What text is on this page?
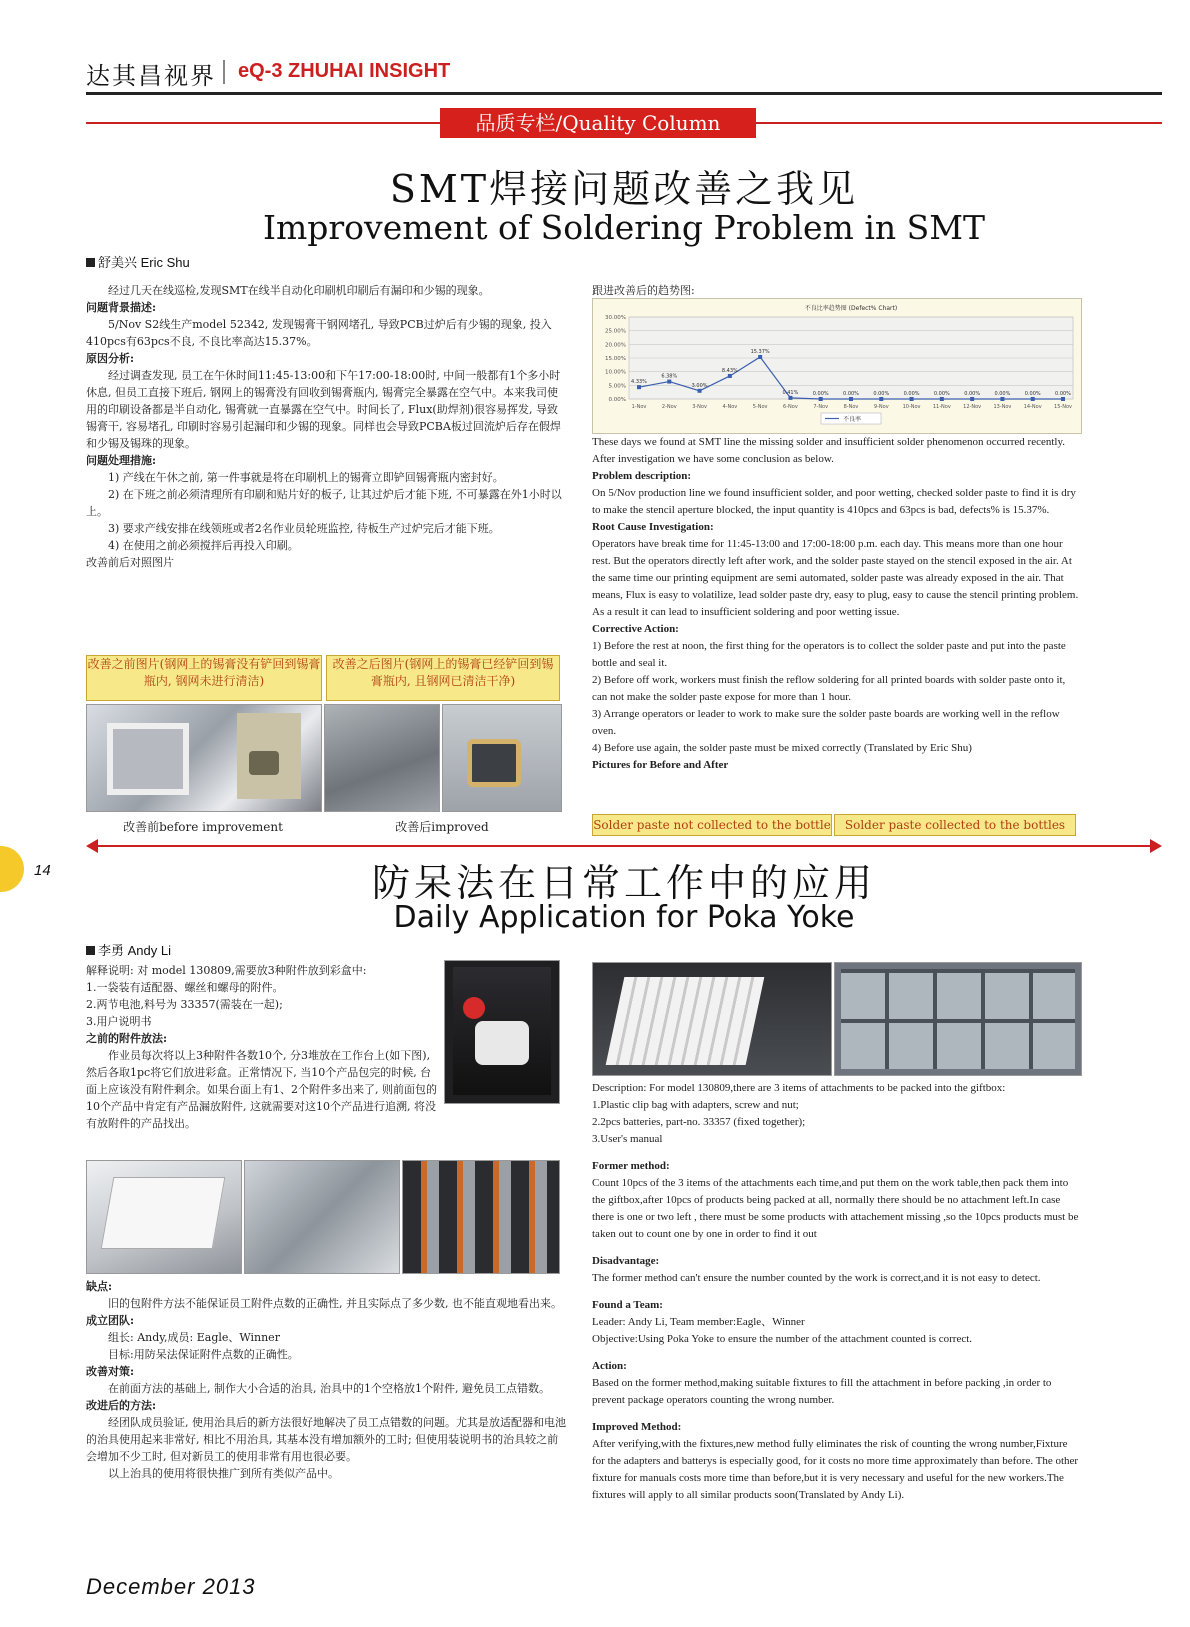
达其昌视界 eQ-3 ZHUHAI INSIGHT
品质专栏/Quality Column
SMT焊接问题改善之我见
Improvement of Soldering Problem in SMT
舒美兴 Eric Shu

经过几天在线巡检,发现SMT在线半自动化印刷机印刷后有漏印和少锡的现象。

问题背景描述:

5/Nov S2线生产model 52342, 发现锡膏干钢网堵孔, 导致PCB过炉后有少锡的现象, 投入410pcs有63pcs不良, 不良比率高达15.37%。

原因分析:

经过调查发现, 员工在午休时间11:45-13:00和下午17:00-18:00时, 中间一般都有1个多小时休息, 但员工直接下班后, 钢网上的锡膏没有回收到锡膏瓶内, 锡膏完全暴露在空气中。本来我司使用的印刷设备都是半自动化, 锡膏就一直暴露在空气中。时间长了, Flux(助焊剂)很容易挥发, 导致锡膏干, 容易堵孔, 印刷时容易引起漏印和少锡的现象。同样也会导致PCBA板过回流炉后存在假焊和少锡及锡珠的现象。

问题处理措施:

1) 产线在午休之前, 第一件事就是将在印刷机上的锡膏立即铲回锡膏瓶内密封好。

2) 在下班之前必须清理所有印刷和贴片好的板子, 让其过炉后才能下班, 不可暴露在外1小时以上。

3) 要求产线安排在线领班或者2名作业员轮班监控, 待板生产过炉完后才能下班。

4) 在使用之前必须搅拌后再投入印刷。

改善前后对照图片

改善之前图片(钢网上的锡膏没有铲回到锡膏瓶内, 钢网未进行清洁)
改善之后图片(钢网上的锡膏已经铲回到锡膏瓶内, 且钢网已清洁干净)
改善前before improvement	改善后improved
跟进改善后的趋势图:
不良比率趋势图 (Defect% Chart)
0.00%
5.00%
10.00%
15.00%
20.00%
25.00%
30.00%
1-Nov	2-Nov	3-Nov	4-Nov	5-Nov	6-Nov	7-Nov	8-Nov	9-Nov	10-Nov 11-Nov 12-Nov 13-Nov 14-Nov 15-Nov
不良率
4.33%
6.38%
3.00%
8.43%
15.37%
0.41%	0.00%	0.00%	0.00%	0.00%	0.00%	0.00%	0.00%	0.00%	0.00%

These days we found at SMT line the missing solder and insufficient solder phenomenon occurred recently. After investigation we have some conclusion as below.

Problem description:

On 5/Nov production line we found insufficient solder, and poor wetting, checked solder paste to find it is dry to make the stencil aperture blocked, the input quantity is 410pcs and 63pcs is bad, defects% is 15.37%.

Root Cause Investigation:

Operators have break time for 11:45-13:00 and 17:00-18:00 p.m. each day. This means more than one hour rest. But the operators directly left after work, and the solder paste stayed on the stencil exposed in the air. At the same time our printing equipment are semi automated, solder paste was already exposed in the air. That means, Flux is easy to volatilize, lead solder paste dry, easy to plug, easy to cause the stencil printing problem. As a result it can lead to insufficient soldering and poor wetting issue.

Corrective Action:

1) Before the rest at noon, the first thing for the operators is to collect the solder paste and put into the paste bottle and seal it.

2) Before off work, workers must finish the reflow soldering for all printed boards with solder paste onto it, can not make the solder paste expose for more than 1 hour.

3) Arrange operators or leader to work to make sure the solder paste boards are working well in the reflow oven.

4) Before use again, the solder paste must be mixed correctly (Translated by Eric Shu)

Pictures for Before and After

Solder paste not collected to the bottle	Solder paste collected to the bottles
14	防呆法在日常工作中的应用
Daily Application for Poka Yoke
李勇 Andy Li

解释说明: 对 model 130809,需要放3种附件放到彩盒中:

1.一袋装有适配器、螺丝和螺母的附件。

2.两节电池,料号为 33357(需装在一起);

3.用户说明书

之前的附件放法:

作业员每次将以上3种附件各数10个, 分3堆放在工作台上(如下图), 然后各取1pc将它们放进彩盒。正常情况下, 当10个产品包完的时候, 台面上应该没有附件剩余。如果台面上有1、2个附件多出来了, 则前面包的10个产品中肯定有产品漏放附件, 这就需要对这10个产品进行追溯, 将没有放附件的产品找出。

缺点:

旧的包附件方法不能保证员工附件点数的正确性, 并且实际点了多少数, 也不能直观地看出来。

成立团队:

组长: Andy,成员: Eagle、Winner

目标:用防呆法保证附件点数的正确性。

改善对策:

在前面方法的基础上, 制作大小合适的治具, 治具中的1个空格放1个附件, 避免员工点错数。

改进后的方法:

经团队成员验证, 使用治具后的新方法很好地解决了员工点错数的问题。尤其是放适配器和电池的治具使用起来非常好, 相比不用治具, 其基本没有增加额外的工时; 但使用装说明书的治具较之前会增加不少工时, 但对新员工的使用非常有用也很必要。

以上治具的使用将很快推广到所有类似产品中。

Description: For model 130809,there are 3 items of attachments to be packed into the giftbox:

1.Plastic clip bag with adapters, screw and nut;

2.2pcs batteries, part-no. 33357 (fixed together);

3.User's manual

Former method:

Count 10pcs of the 3 items of the attachments each time,and put them on the work table,then pack them into the giftbox,after 10pcs of products being packed at all, normally there should be no attachment left.In case there is one or two left , there must be some products with attachement missing ,so the 10pcs products must be taken out to count one by one in order to find it out

Disadvantage:

The former method can't ensure the number counted by the work is correct,and it is not easy to detect.

Found a Team:

Leader: Andy Li, Team member:Eagle、Winner

Objective:Using Poka Yoke to ensure the number of the attachment counted is correct.

Action:

Based on the former method,making suitable fixtures to fill the attachment in before packing ,in order to prevent package operators counting the wrong number.

Improved Method:

After verifying,with the fixtures,new method fully eliminates the risk of counting the wrong number,Fixture for the adapters and batterys is especially good, for it costs no more time approximately than before. The other fixture for manuals costs more time than before,but it is very necessary and useful for the new workers.The fixtures will apply to all similar products soon(Translated by Andy Li).

December 2013
